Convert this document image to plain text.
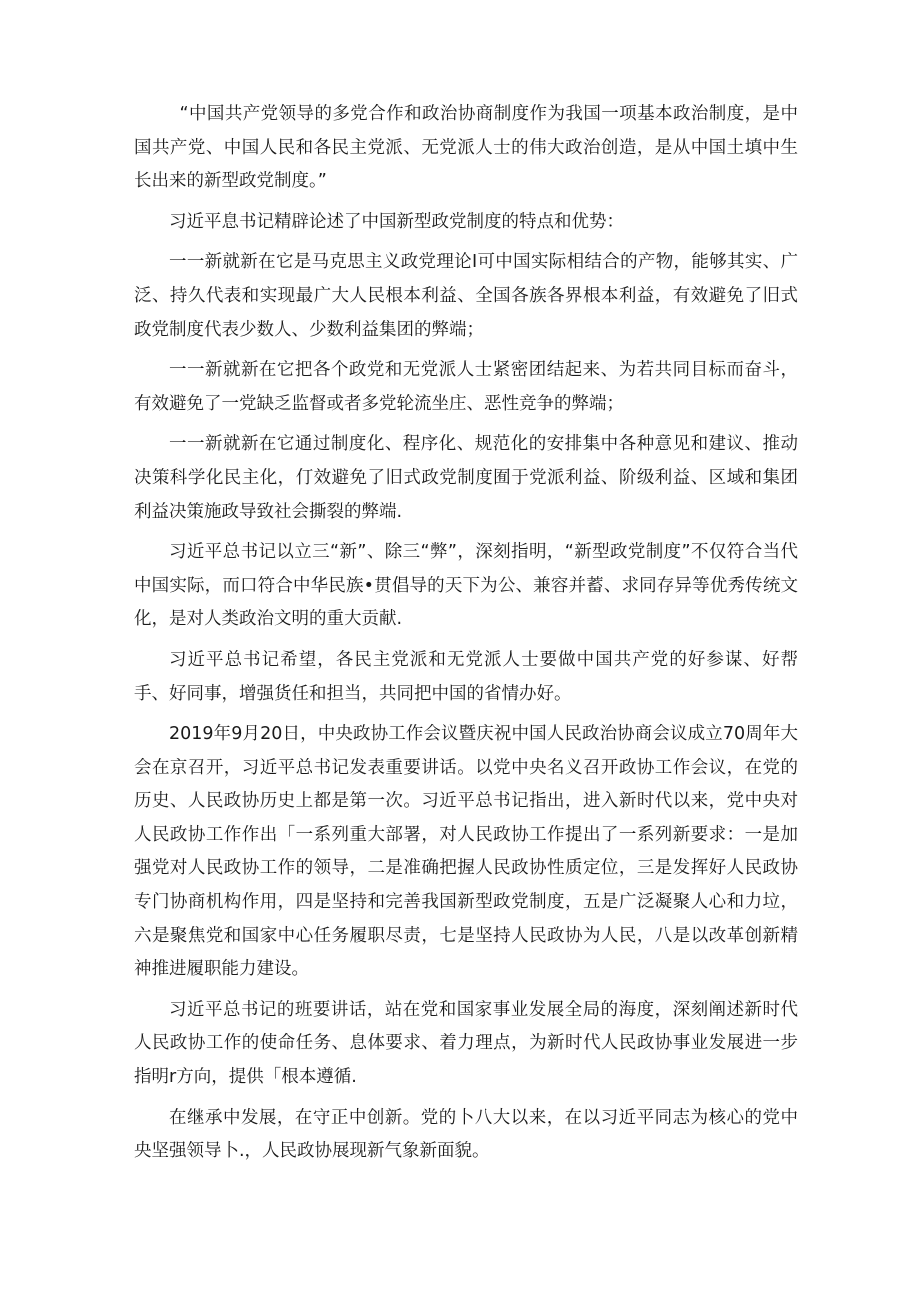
“中国共产党领导的多党合作和政治协商制度作为我国一项基本政治制度，是中国共产党、中国人民和各民主党派、无党派人士的伟大政治创造，是从中国土填中生长出来的新型政党制度。”

习近平息书记精辟论述了中国新型政党制度的特点和优势：

一一新就新在它是马克思主义政党理论I可中国实际相结合的产物，能够其实、广泛、持久代表和实现最广大人民根本利益、全国各族各界根本利益，有效避免了旧式政党制度代表少数人、少数利益集团的弊端；

一一新就新在它把各个政党和无党派人士紧密团结起来、为若共同目标而奋斗，有效避免了一党缺乏监督或者多党轮流坐庄、恶性竞争的弊端；

一一新就新在它通过制度化、程序化、规范化的安排集中各种意见和建议、推动决策科学化民主化，仃效避免了旧式政党制度囿于党派利益、阶级利益、区域和集团利益决策施政导致社会撕裂的弊端.

习近平总书记以立三“新”、除三“弊”，深刻指明，“新型政党制度”不仅符合当代中国实际，而口符合中华民族•贯倡导的天下为公、兼容并蓄、求同存异等优秀传统文化，是对人类政治文明的重大贡献.

习近平总书记希望，各民主党派和无党派人士要做中国共产党的好参谋、好帮手、好同事，增强货任和担当，共同把中国的省情办好。

2019年9月20日，中央政协工作会议暨庆祝中国人民政治协商会议成立70周年大会在京召开，习近平总书记发表重要讲话。以党中央名义召开政协工作会议，在党的历史、人民政协历史上都是第一次。习近平总书记指出，进入新时代以来，党中央对人民政协工作作出「一系列重大部署，对人民政协工作提出了一系列新要求：一是加强党对人民政协工作的领导，二是准确把握人民政协性质定位，三是发挥好人民政协专门协商机构作用，四是坚持和完善我国新型政党制度，五是广泛凝聚人心和力垃，六是聚焦党和国家中心任务履职尽责，七是坚持人民政协为人民，八是以改革创新精神推进履职能力建设。

习近平总书记的班要讲话，站在党和国家事业发展全局的海度，深刻阐述新时代人民政协工作的使命任务、息体要求、着力理点，为新时代人民政协事业发展进一步指明r方向，提供「根本遵循.

在继承中发展，在守正中创新。党的卜八大以来，在以习近平同志为核心的党中央坚强领导卜.，人民政协展现新气象新面貌。
